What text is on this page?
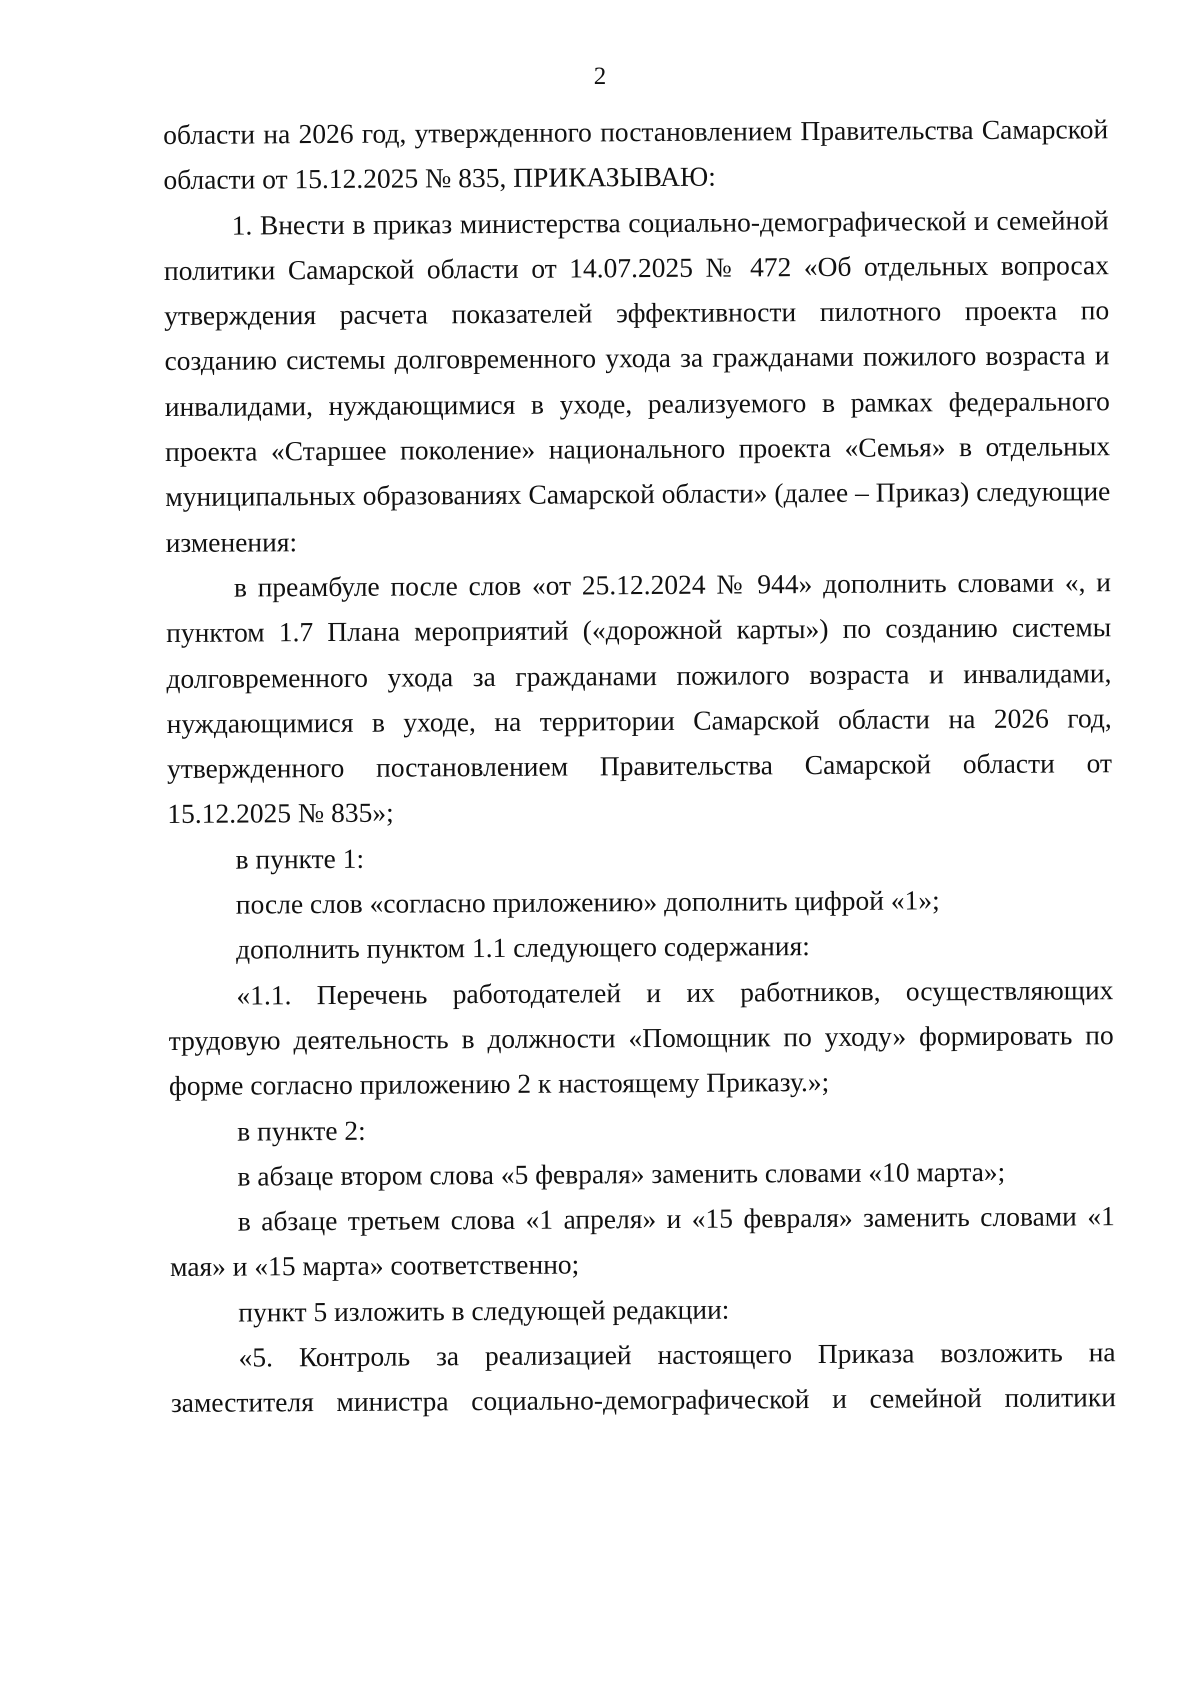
2

области на 2026 год, утвержденного постановлением Правительства Самарской области от 15.12.2025 № 835, ПРИКАЗЫВАЮ:

1. Внести в приказ министерства социально-демографической и семейной политики Самарской области от 14.07.2025 № 472 «Об отдельных вопросах утверждения расчета показателей эффективности пилотного проекта по созданию системы долговременного ухода за гражданами пожилого возраста и инвалидами, нуждающимися в уходе, реализуемого в рамках федерального проекта «Старшее поколение» национального проекта «Семья» в отдельных муниципальных образованиях Самарской области» (далее – Приказ) следующие изменения:

в преамбуле после слов «от 25.12.2024 № 944» дополнить словами «, и пунктом 1.7 Плана мероприятий («дорожной карты») по созданию системы долговременного ухода за гражданами пожилого возраста и инвалидами, нуждающимися в уходе, на территории Самарской области на 2026 год, утвержденного постановлением Правительства Самарской области от 15.12.2025 № 835»;

в пункте 1:

после слов «согласно приложению» дополнить цифрой «1»;

дополнить пунктом 1.1 следующего содержания:

«1.1. Перечень работодателей и их работников, осуществляющих трудовую деятельность в должности «Помощник по уходу» формировать по форме согласно приложению 2 к настоящему Приказу.»;

в пункте 2:

в абзаце втором слова «5 февраля» заменить словами «10 марта»;

в абзаце третьем слова «1 апреля» и «15 февраля» заменить словами «1 мая» и «15 марта» соответственно;

пункт 5 изложить в следующей редакции:

«5. Контроль за реализацией настоящего Приказа возложить на заместителя министра социально-демографической и семейной политики
